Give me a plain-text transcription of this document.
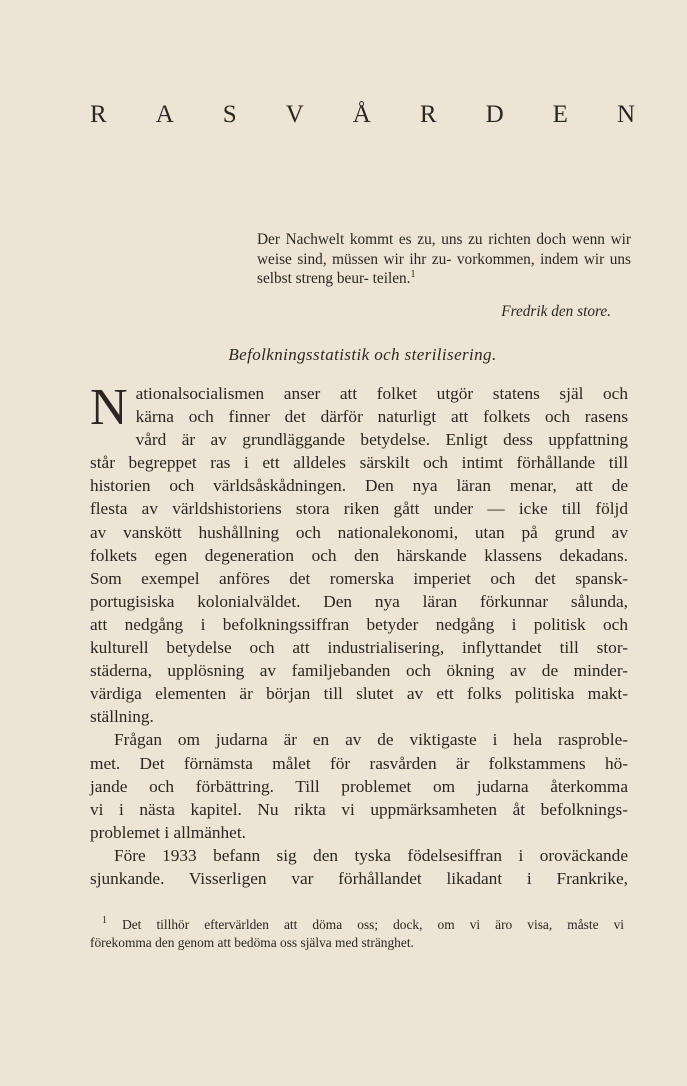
R A S V Å R D E N
Der Nachwelt kommt es zu, uns zu richten doch wenn wir weise sind, müssen wir ihr zu- vorkommen, indem wir uns selbst streng beur- teilen.$^1$
Fredrik den store.
Befolkningsstatistik och sterilisering.
N ationalsocialismen anser att folket utgör statens själ och
kärna och finner det därför naturligt att folkets och rasens
vård är av grundläggande betydelse. Enligt dess uppfattning
står begreppet ras i ett alldeles särskilt och intimt förhållande till
historien och världsåskådningen. Den nya läran menar, att de
flesta av världshistoriens stora riken gått under — icke till följd
av vanskött hushållning och nationalekonomi, utan på grund av
folkets egen degeneration och den härskande klassens dekadans.
Som exempel anföres det romerska imperiet och det spansk-
portugisiska kolonialväldet. Den nya läran förkunnar sålunda,
att nedgång i befolkningssiffran betyder nedgång i politisk och
kulturell betydelse och att industrialisering, inflyttandet till stor-
städerna, upplösning av familjebanden och ökning av de minder-
värdiga elementen är början till slutet av ett folks politiska makt-
ställning.
Frågan om judarna är en av de viktigaste i hela rasproble-
met. Det förnämsta målet för rasvården är folkstammens hö-
jande och förbättring. Till problemet om judarna återkomma
vi i nästa kapitel. Nu rikta vi uppmärksamheten åt befolknings-
problemet i allmänhet.
Före 1933 befann sig den tyska födelsesiffran i oroväckande
sjunkande. Visserligen var förhållandet likadant i Frankrike,
$^1$ Det tillhör eftervärlden att döma oss; dock, om vi äro visa, måste vi
förekomma den genom att bedöma oss själva med stränghet.
